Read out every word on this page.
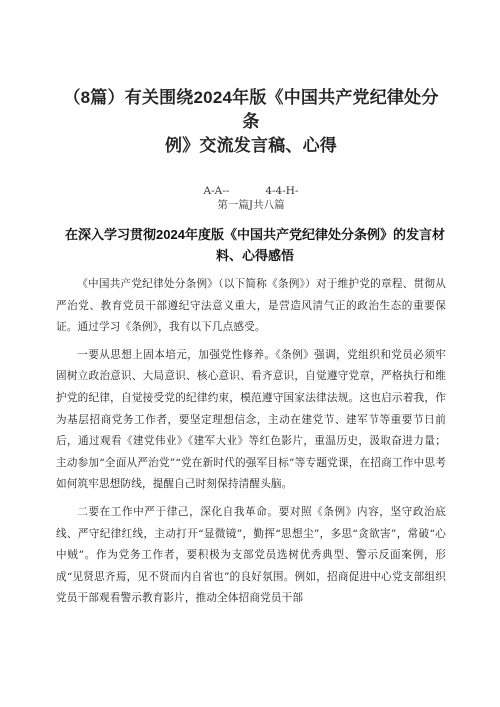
（8篇）有关围绕2024年版《中国共产党纪律处分条
例》交流发言稿、心得
A-A--	4-4-H-
第一篇J共八篇
在深入学习贯彻2024年度版《中国共产党纪律处分条例》的发言材
料、心得感悟

《中国共产党纪律处分条例》（以下简称《条例》）对于维护党的章程、贯彻从严治党、教育党员干部遵纪守法意义重大，是营造风清气正的政治生态的重要保证。通过学习《条例》，我有以下几点感受。

一要从思想上固本培元，加强党性修养。《条例》强调，党组织和党员必须牢固树立政治意识、大局意识、核心意识、看齐意识，自觉遵守党章，严格执行和维护党的纪律，自觉接受党的纪律约束，模范遵守国家法律法规。这也启示着我，作为基层招商党务工作者，要坚定理想信念，主动在建党节、建军节等重要节日前后，通过观看《建党伟业》《建军大业》等红色影片，重温历史，汲取奋进力量；主动参加“全面从严治党”“党在新时代的强军目标”等专题党课，在招商工作中思考如何筑牢思想防线，提醒自己时刻保持清醒头脑。

二要在工作中严于律己，深化自我革命。要对照《条例》内容，坚守政治底线、严守纪律红线，主动打开“显微镜”，勤挥“思想尘”，多思“贪欲害”，常破“心中贼”。作为党务工作者，要积极为支部党员选树优秀典型、警示反面案例，形成“见贤思齐焉，见不贤而内自省也”的良好氛围。例如，招商促进中心党支部组织党员干部观看警示教育影片，推动全体招商党员干部
